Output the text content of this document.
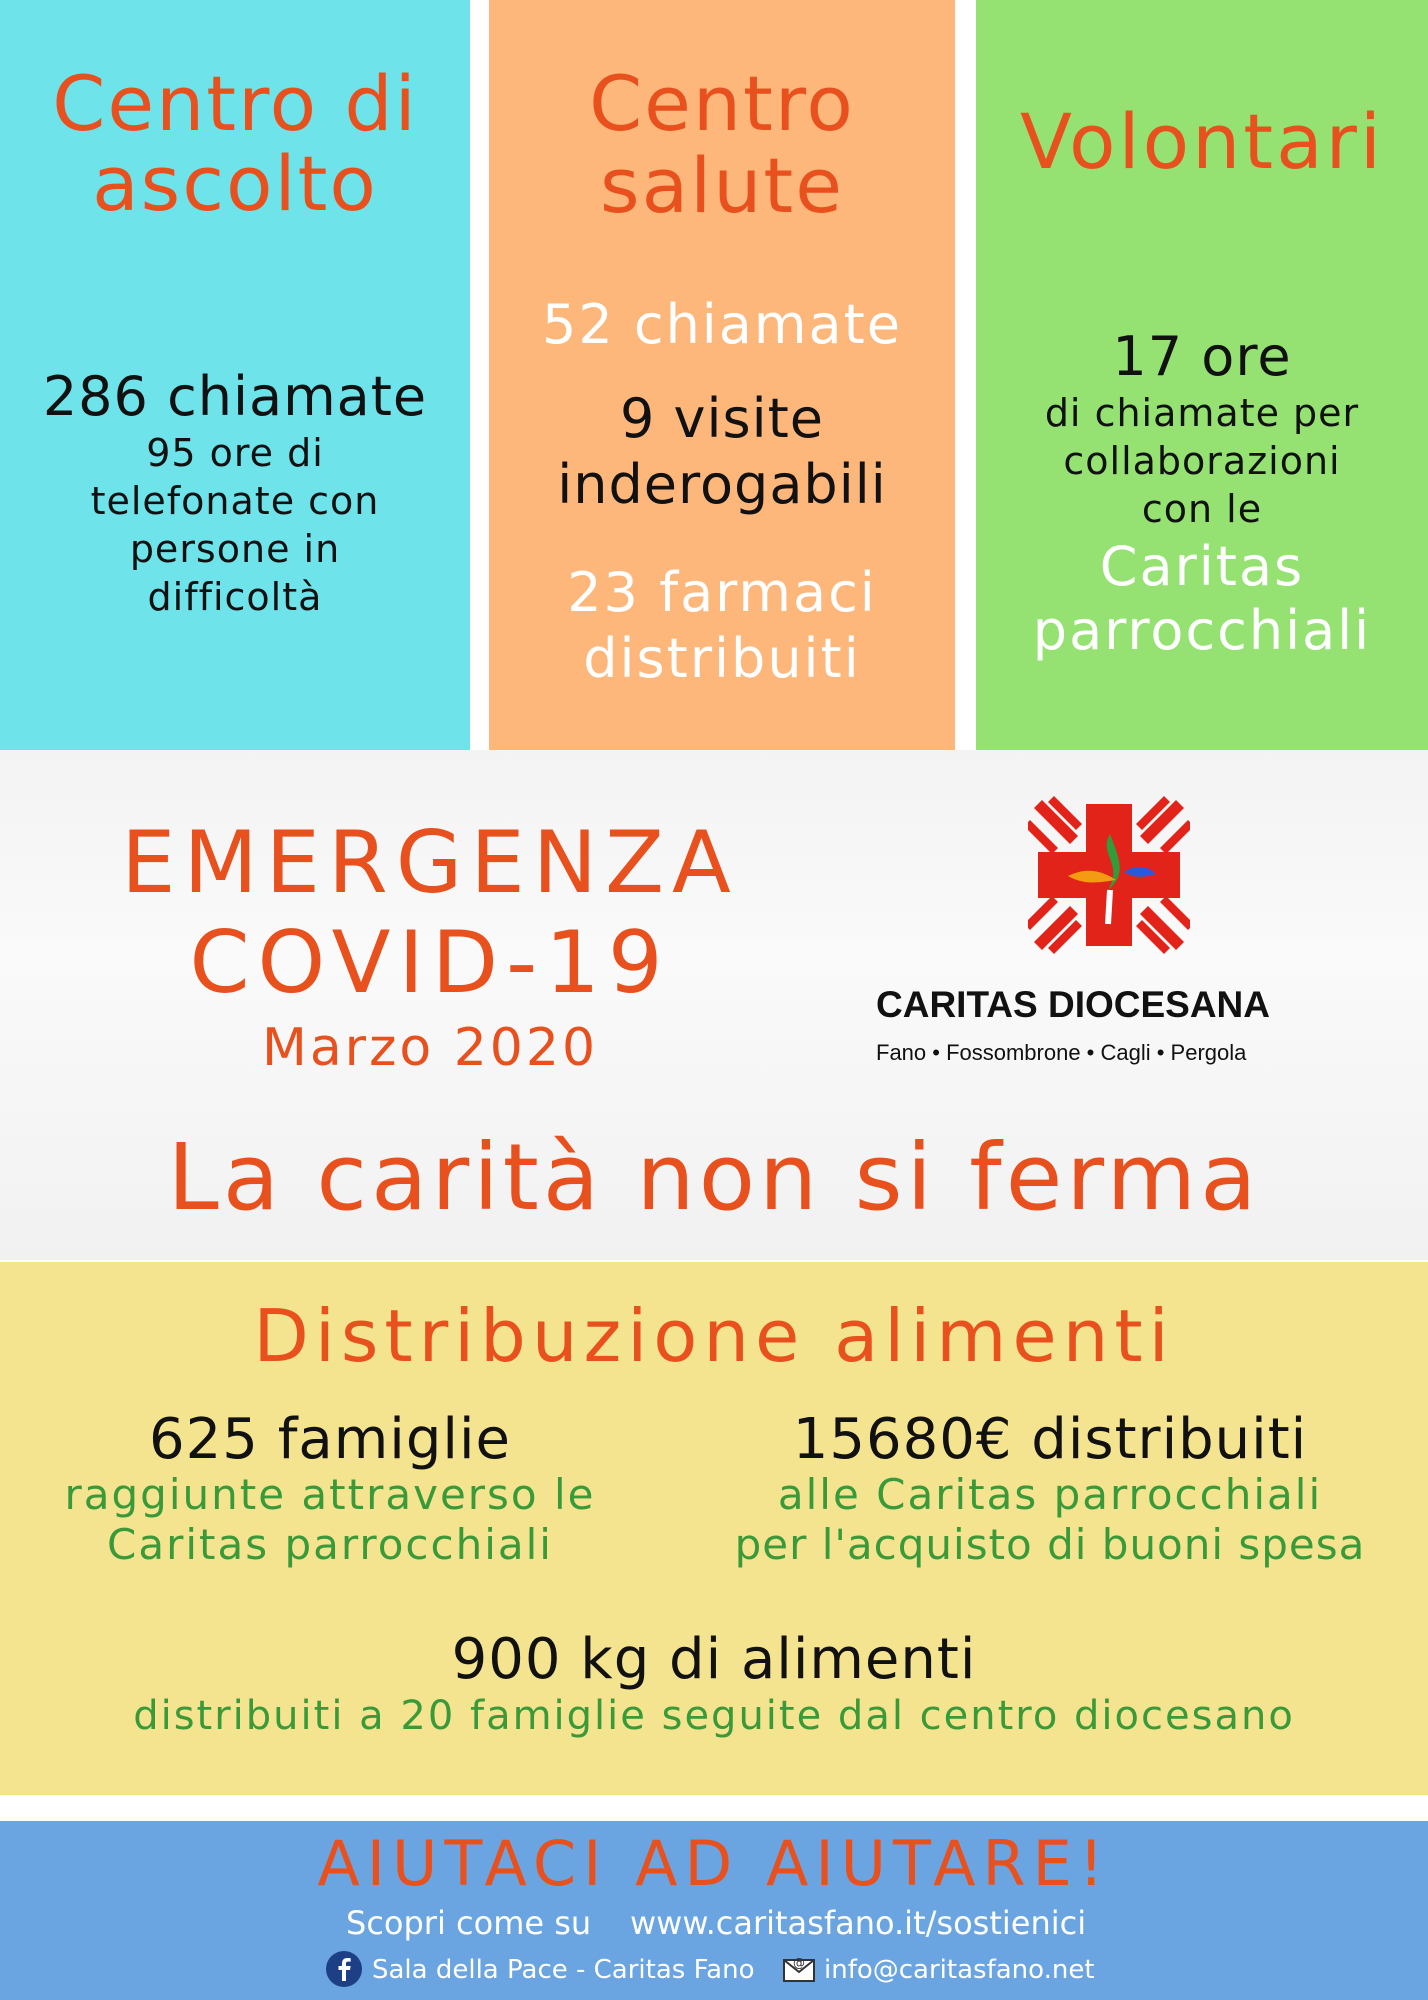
Centro di
ascolto
286 chiamate
95 ore di
telefonate con
persone in
difficoltà
Centro
salute
52 chiamate
9 visite
inderogabili
23 farmaci
distribuiti
Volontari
17 ore
di chiamate per
collaborazioni
con le
Caritas
parrocchiali
EMERGENZA
COVID-19
Marzo 2020
CARITAS DIOCESANA
Fano • Fossombrone • Cagli • Pergola
La carità non si ferma
Distribuzione alimenti
625 famiglie
raggiunte attraverso le
Caritas parrocchiali
15680€ distribuiti
alle Caritas parrocchiali
per l'acquisto di buoni spesa
900 kg di alimenti
distribuiti a 20 famiglie seguite dal centro diocesano
AIUTACI AD AIUTARE!
Scopri come su www.caritasfano.it/sostienici
Sala della Pace - Caritas Fano	@ info@caritasfano.net
